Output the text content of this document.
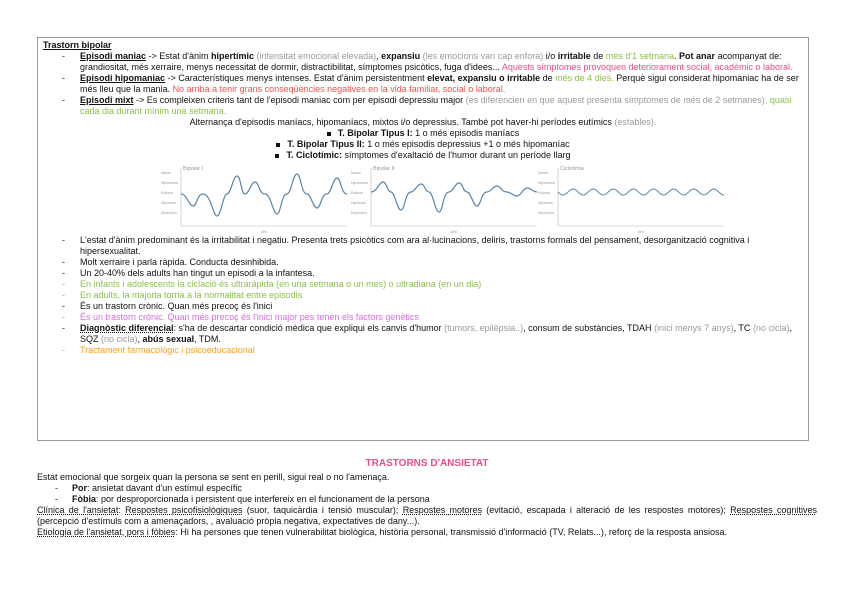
Trastorn bipolar
- Episodi maniac -> Estat d'ànim hipertímic (intensitat emocional elevada), expansiu (les emocions van cap enfora) i/o irritable de més d'1 setmana. Pot anar acompanyat de: grandiositat, més xerraire, menys necessitat de dormir, distractibilitat, símptomes psicòtics, fuga d'idees... Aquests símptomes provoquen deteriorament social, acadèmic o laboral.
- Episodi hipomaniac -> Característiques menys intenses. Estat d'ànim persistentment elevat, expansiu o irritable de més de 4 dies. Perquè sigui considerat hipomaniac ha de ser més lleu que la mania. No arriba a tenir grans conseqüències negatives en la vida familiar, social o laboral.
- Episodi mixt -> Es compleixen criteris tant de l'episodi maniac com per episodi depressiu major (es diferencien en que aquest presenta símptomes de més de 2 setmanes), quasi cada dia durant mínim una setmana.
Alternança d'episodis maníacs, hipomaníacs, mixtos i/o depressius. També pot haver-hi períodes eutímics (estables).
T. Bipolar Tipus I: 1 o més episodis maníacs
T. Bipolar Tipus II: 1 o més episodis depressius +1 o més hipomaníac
T. Ciclotímic: símptomes d'exaltació de l'humor durant un període llarg
Bipolar I
Mania
Hipomanía
Eutimia
Hipotimia
Depresión
Año
Bipolar II
Mania
Hipomanía
Eutimia
Hipotimia
Depresión
Año
Ciclotimia
Mania
Hipomanía
Eutimia
Hipotimia
Depresión
Año
- L'estat d'ànim predominant és la irritabilitat i negatiu. Presenta trets psicòtics com ara al·lucinacions, deliris, trastorns formals del pensament, desorganització cognitiva i hipersexualitat.
- Molt xerraire i parla ràpida. Conducta desinhibida.
- Un 20-40% dels adults han tingut un episodi a la infantesa.
- En infants i adolescents la ciclació és ultraràpida (en una setmana o un mes) o ultradiana (en un dia)
- En adults, la majoria torna a la normalitat entre episodis
- És un trastorn crònic. Quan més precoç és l'inici
- És un trastorn crònic. Quan més precoç és l'inici major pes tenen els factors genètics
- Diagnòstic diferencial: s'ha de descartar condició mèdica que expliqui els canvis d'humor (tumors, epilèpsia..), consum de substàncies, TDAH (inici menys 7 anys), TC (no cicla), SQZ (no cicla), abús sexual, TDM.
- Tractament farmacològic i psicoeducacional
TRASTORNS D'ANSIETAT
Estat emocional que sorgeix quan la persona se sent en perill, sigui real o no l'amenaça.
- Por: ansietat davant d'un estímul específic
- Fòbia: por desproporcionada i persistent que interfereix en el funcionament de la persona
Clínica de l'ansietat: Respostes psicofisiològiques (suor, taquicàrdia i tensió muscular); Respostes motores (evitació, escapada i alteració de les respostes motores); Respostes cognitives (percepció d'estímuls com a amenaçadors, , avaluació pròpia negativa, expectatives de dany...).
Etiologia de l'ansietat, pors i fòbies: Hi ha persones que tenen vulnerabilitat biològica, història personal, transmissió d'informació (TV, Relats...), reforç de la resposta ansiosa.
